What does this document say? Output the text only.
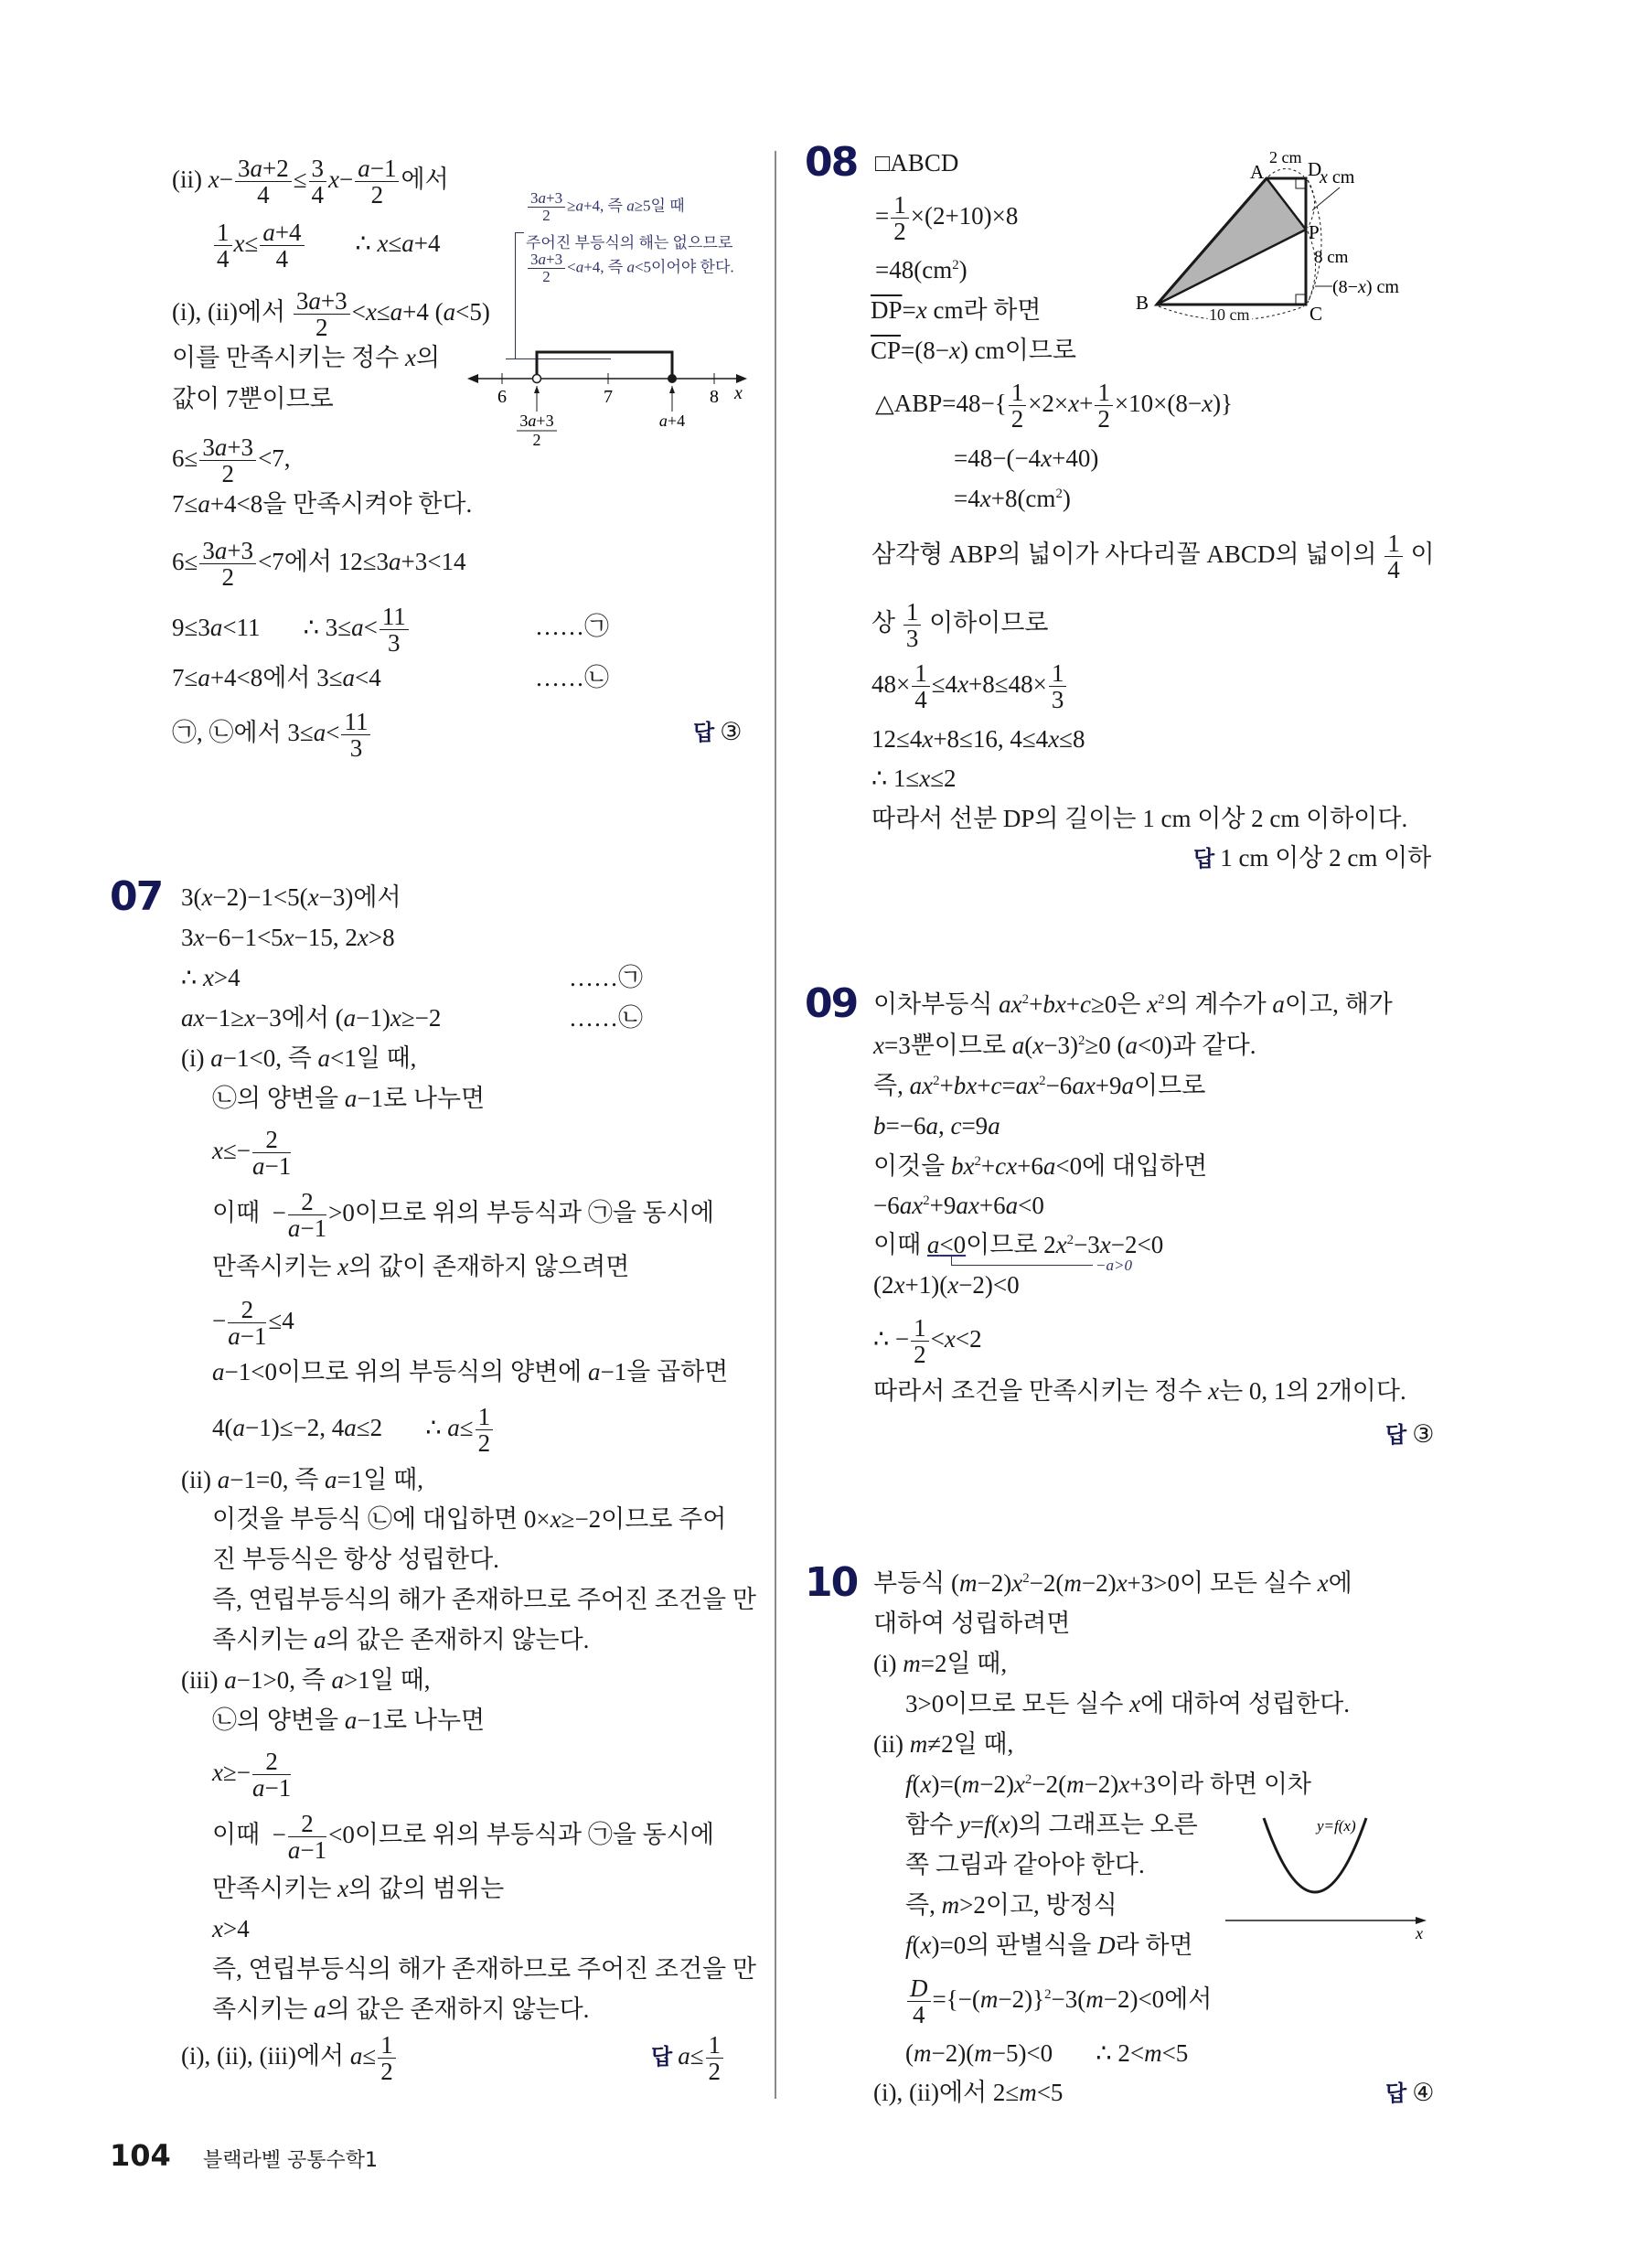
(ii) $x- \frac{3a+2}{4} \le \frac{3}{4} x- \frac{a-1}{2}$ 에서
$\frac{1}{4} x\le \frac{a+4}{4}$ ∴ x≤a+4
(i), (ii)에서 $\frac{3a+3}{2} <x\le a+4$ (a<5)
$\frac{3a+3}{2} \ge a+4$, 즉 a≥5일 때
주어진 부등식의 해는 없으므로
$\frac{3a+3}{2} <a+4$, 즉 a<5이어야 한다.
이를 만족시키는 정수 x의
값이 7뿐이므로	6	7	8 x
3a+3
2
a+4
$6\le \frac{3a+3}{2} <7$,
7≤a+4<8을 만족시켜야 한다.
$6\le \frac{3a+3}{2} <7$에서 12≤3a+3<14
9≤3a<11       ∴ $3\le a< \frac{11}{3}$	……㉠
7≤a+4<8에서 3≤a<4	……㉡
㉠, ㉡에서 $3\le a< \frac{11}{3}$	답 ③
07 3(x−2)−1<5(x−3)에서
3x−6−1<5x−15, 2x>8
∴ x>4	……㉠
ax−1≥x−3에서 (a−1)x≥−2	……㉡
(i) a−1<0, 즉 a<1일 때,
㉡의 양변을 a−1로 나누면
$x\le- \frac{2}{a-1}$
이때  − $\frac{2}{a-1} >0$이므로 위의 부등식과 ㉠을 동시에
만족시키는 x의 값이 존재하지 않으려면
− $\frac{2}{a-1} \le 4$
a−1<0이므로 위의 부등식의 양변에 a−1을 곱하면
4(a−1)≤−2, 4a≤2       ∴ $a\le \frac{1}{2}$
(ii) a−1=0, 즉 a=1일 때,
이것을 부등식 ㉡에 대입하면 0×x≥−2이므로 주어
진 부등식은 항상 성립한다.
즉, 연립부등식의 해가 존재하므로 주어진 조건을 만
족시키는 a의 값은 존재하지 않는다.
(iii) a−1>0, 즉 a>1일 때,
㉡의 양변을 a−1로 나누면
$x\ge- \frac{2}{a-1}$
이때  − $\frac{2}{a-1} <0$이므로 위의 부등식과 ㉠을 동시에
만족시키는 x의 값의 범위는
x>4
즉, 연립부등식의 해가 존재하므로 주어진 조건을 만
족시키는 a의 값은 존재하지 않는다.
(i), (ii), (iii)에서 $a\le \frac{1}{2}$	답 $a\le \frac{1}{2}$
08 □ABCD
= $\frac{1}{2} \times(2+10)\times 8$
$=48(cm^2)$
$\overline{DP}=x$ cm라 하면
$\overline{CP}=(8-x)$ cm이므로
△ABP=48−{ $\frac{1}{2} \times 2\times x+ \frac{1}{2} \times 10\times(8-x)$}
=48−(−4x+40)
$=4x+8(cm^2)$
삼각형 ABP의 넓이가 사다리꼴 ABCD의 넓이의 $\frac{1}{4}$ 이
상 $\frac{1}{3}$ 이하이므로
$48\times \frac{1}{4} \le 4x+8\le 48\times \frac{1}{3}$
12≤4x+8≤16, 4≤4x≤8
∴ 1≤x≤2
따라서 선분 DP의 길이는 1 cm 이상 2 cm 이하이다.
답 1 cm 이상 2 cm 이하
A D
P
B	C
2 cm
x cm
8 cm
(8−x) cm
10 cm
09 이차부등식 $ax^2+bx+c\ge 0$은 $x^2$의 계수가 a이고, 해가
x=3뿐이므로 $a(x-3)^2\ge 0$ (a<0)과 같다.
즉, $ax^2+bx+c=ax^2-6ax+9a$이므로
b=−6a, c=9a
이것을 $bx^2+cx+6a<0$에 대입하면
$-6ax^2+9ax+6a<0$
이때 a<0이므로 $2x^2-3x-2<0$
−a>0
(2x+1)(x−2)<0
∴ − $\frac{1}{2} <x<2$
따라서 조건을 만족시키는 정수 x는 0, 1의 2개이다.
답 ③
10 부등식 $(m-2)x^2-2(m-2)x+3>0$이 모든 실수 x에
대하여 성립하려면
(i) m=2일 때,
3>0이므로 모든 실수 x에 대하여 성립한다.
(ii) m≠2일 때,
$f(x)=(m-2)x^2-2(m-2)x+3$이라 하면 이차
함수 y=f(x)의 그래프는 오른
쪽 그림과 같아야 한다.
즉, m>2이고, 방정식
f(x)=0의 판별식을 D라 하면
$\frac{D}{4} =\{-(m-2)\}^2-3(m-2)<0$에서
(m−2)(m−5)<0       ∴ 2<m<5
(i), (ii)에서 2≤m<5	답 ④
x
y=f(x)
104 블랙라벨 공통수학1
